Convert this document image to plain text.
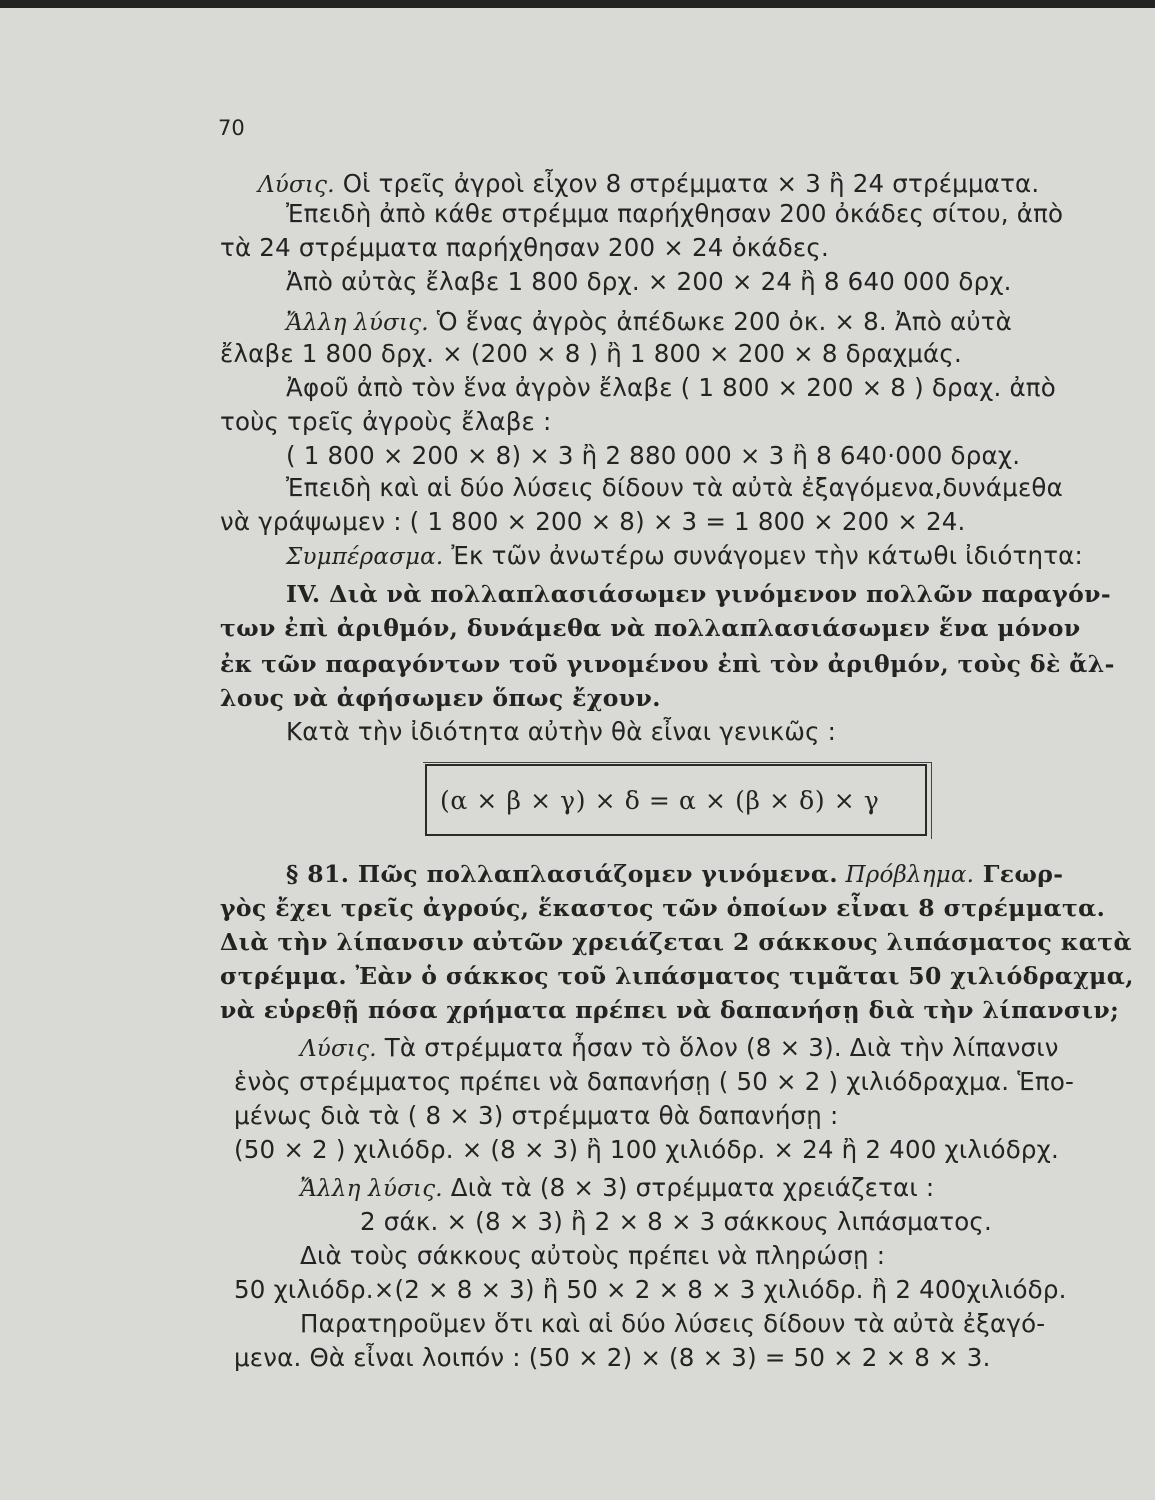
70
Λύσις. Οἱ τρεῖς ἀγροὶ εἶχον 8 στρέμματα × 3 ἢ 24 στρέμματα.
Ἐπειδὴ ἀπὸ κάθε στρέμμα παρήχθησαν 200 ὀκάδες σίτου, ἀπὸ
τὰ 24 στρέμματα παρήχθησαν 200 × 24 ὀκάδες.
Ἀπὸ αὐτὰς ἔλαβε 1 800 δρχ. × 200 × 24 ἢ 8 640 000 δρχ.
Ἄλλη λύσις. Ὁ ἕνας ἀγρὸς ἀπέδωκε 200 ὀκ. × 8. Ἀπὸ αὐτὰ
ἔλαβε 1 800 δρχ. × (200 × 8 ) ἢ 1 800 × 200 × 8 δραχμάς.
Ἀφοῦ ἀπὸ τὸν ἕνα ἀγρὸν ἔλαβε ( 1 800 × 200 × 8 ) δραχ. ἀπὸ
τοὺς τρεῖς ἀγροὺς ἔλαβε :
( 1 800 × 200 × 8) × 3 ἢ 2 880 000 × 3 ἢ 8 640·000 δραχ.
Ἐπειδὴ καὶ αἱ δύο λύσεις δίδουν τὰ αὐτὰ ἐξαγόμενα,δυνάμεθα
νὰ γράψωμεν : ( 1 800 × 200 × 8) × 3 = 1 800 × 200 × 24.
Συμπέρασμα. Ἐκ τῶν ἀνωτέρω συνάγομεν τὴν κάτωθι ἰδιότητα:
IV. Διὰ νὰ πολλαπλασιάσωμεν γινόμενον πολλῶν παραγόν-
των ἐπὶ ἀριθμόν, δυνάμεθα νὰ πολλαπλασιάσωμεν ἕνα μόνον
ἐκ τῶν παραγόντων τοῦ γινομένου ἐπὶ τὸν ἀριθμόν, τοὺς δὲ ἄλ-
λους νὰ ἀφήσωμεν ὅπως ἔχουν.
Κατὰ τὴν ἰδιότητα αὐτὴν θὰ εἶναι γενικῶς :
§ 81. Πῶς πολλαπλασιάζομεν γινόμενα. Πρόβλημα. Γεωρ-
γὸς ἔχει τρεῖς ἀγρούς, ἕκαστος τῶν ὁποίων εἶναι 8 στρέμματα.
Διὰ τὴν λίπανσιν αὐτῶν χρειάζεται 2 σάκκους λιπάσματος κατὰ
στρέμμα. Ἐὰν ὁ σάκκος τοῦ λιπάσματος τιμᾶται 50 χιλιόδραχμα,
νὰ εὑρεθῇ πόσα χρήματα πρέπει νὰ δαπανήσῃ διὰ τὴν λίπανσιν;
Λύσις. Τὰ στρέμματα ἦσαν τὸ ὅλον (8 × 3). Διὰ τὴν λίπανσιν
ἑνὸς στρέμματος πρέπει νὰ δαπανήσῃ ( 50 × 2 ) χιλιόδραχμα. Ἑπο-
μένως διὰ τὰ ( 8 × 3) στρέμματα θὰ δαπανήσῃ :
(50 × 2 ) χιλιόδρ. × (8 × 3) ἢ 100 χιλιόδρ. × 24 ἢ 2 400 χιλιόδρχ.
Ἄλλη λύσις. Διὰ τὰ (8 × 3) στρέμματα χρειάζεται :
2 σάκ. × (8 × 3) ἢ 2 × 8 × 3 σάκκους λιπάσματος.
Διὰ τοὺς σάκκους αὐτοὺς πρέπει νὰ πληρώσῃ :
50 χιλιόδρ.×(2 × 8 × 3) ἢ 50 × 2 × 8 × 3 χιλιόδρ. ἢ 2 400χιλιόδρ.
Παρατηροῦμεν ὅτι καὶ αἱ δύο λύσεις δίδουν τὰ αὐτὰ ἐξαγό-
μενα. Θὰ εἶναι λοιπόν : (50 × 2) × (8 × 3) = 50 × 2 × 8 × 3.
(α × β × γ) × δ = α × (β × δ) × γ
